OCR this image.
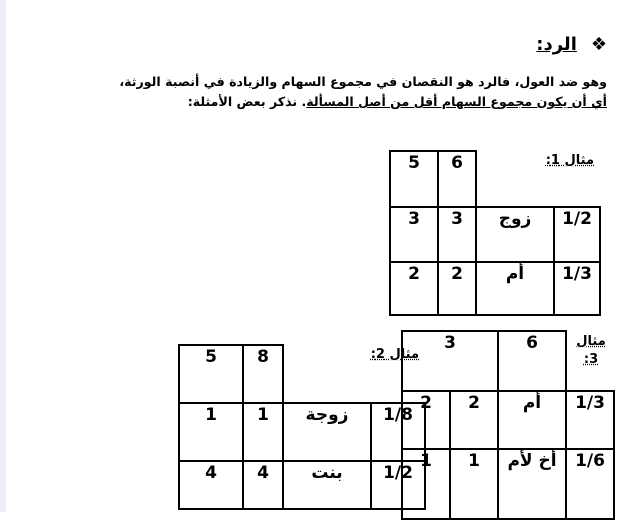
❖الرد:
وهو ضد العول، فالرد هو النقصان في مجموع السهام والزيادة في أنصبة الورثة،
أي أن يكون مجموع السهام أقل من أصل المسألة. نذكر بعض الأمثلة:
مثال 1:
		6	5
1/2	زوج	3	3
1/3	أم	2	2
مثال 2:
		8	5
1/8	زوجة	1	1
1/2	بنت	4	4
مثال 3:
	6	3	
1/3	أم	2	2
1/6	أخ لأم	1	1
